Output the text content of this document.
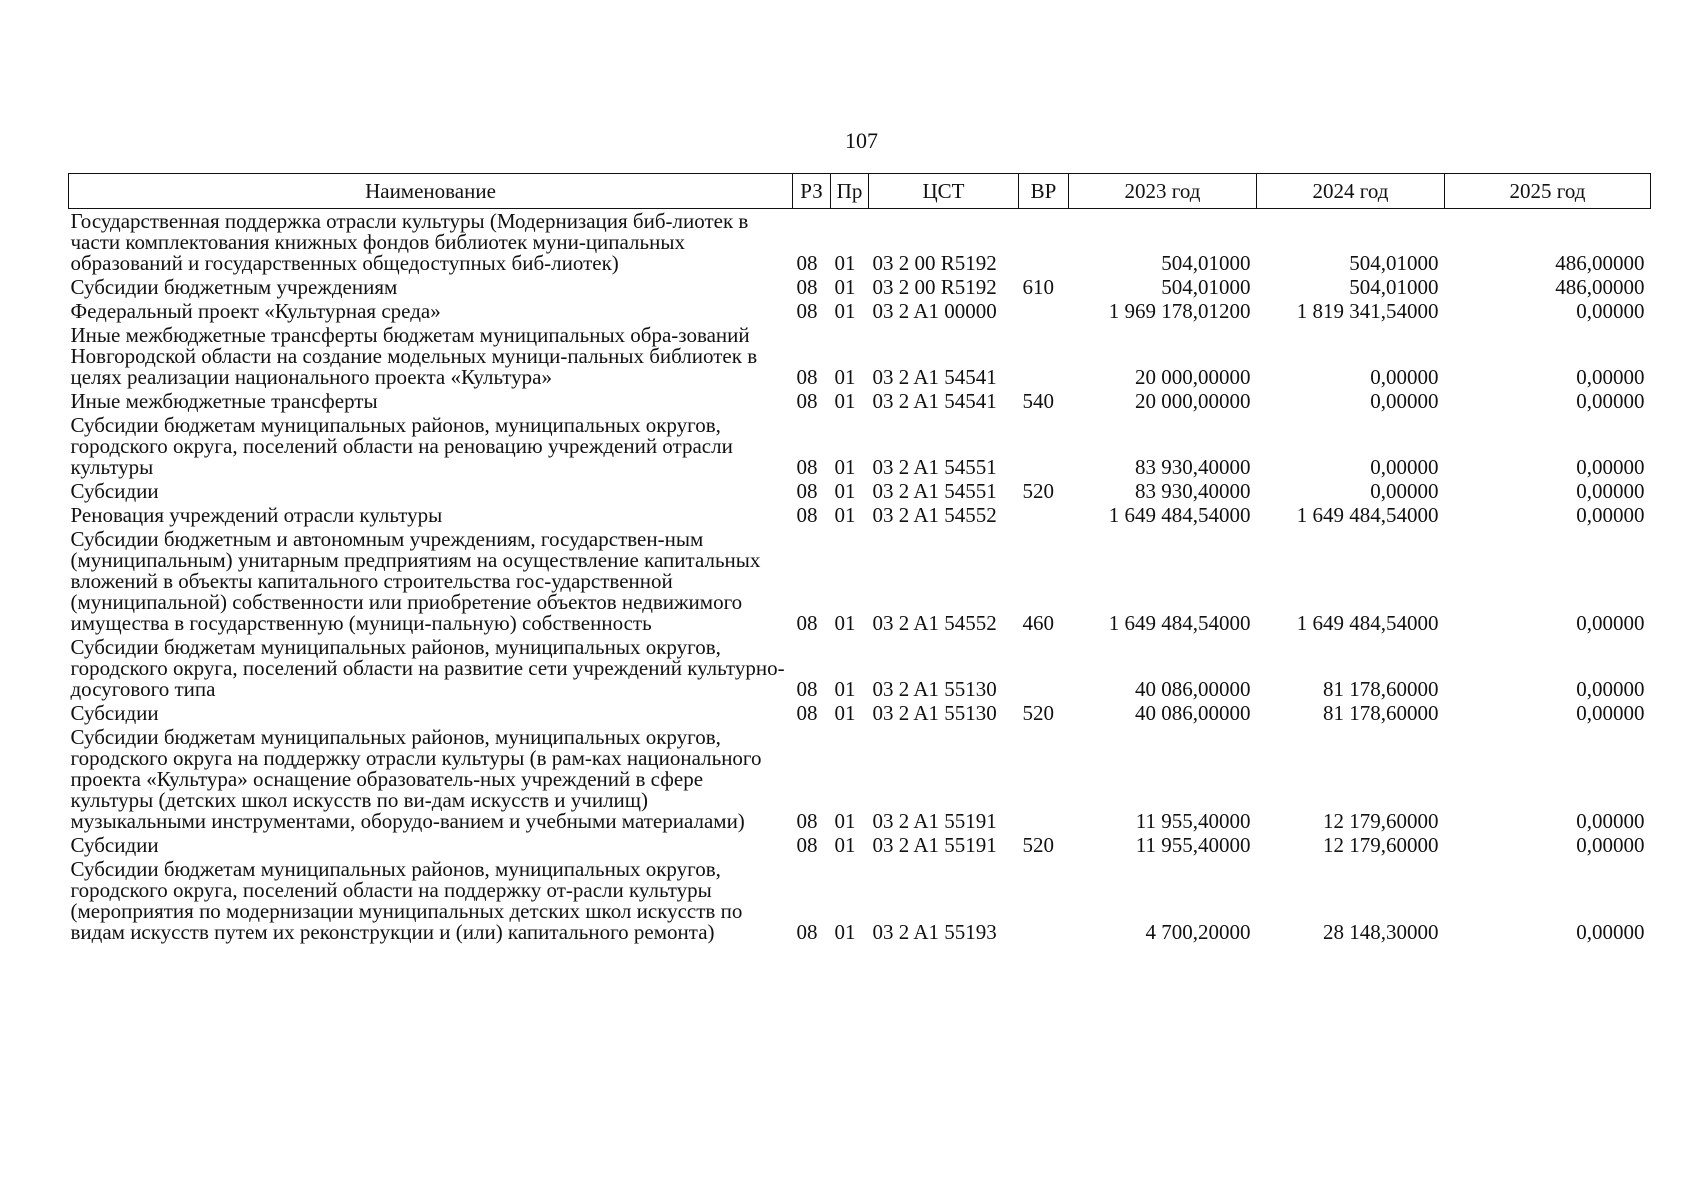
107
Наименование	РЗ	Пр	ЦСТ	ВР	2023 год	2024 год	2025 год
Государственная поддержка отрасли культуры (Модернизация биб-лиотек в части комплектования книжных фондов библиотек муни-ципальных образований и государственных общедоступных биб-лиотек)	08	01	03 2 00 R5192		504,01000	504,01000	486,00000
Субсидии бюджетным учреждениям	08	01	03 2 00 R5192	610	504,01000	504,01000	486,00000
Федеральный проект «Культурная среда»	08	01	03 2 A1 00000		1 969 178,01200	1 819 341,54000	0,00000
Иные межбюджетные трансферты бюджетам муниципальных обра-зований Новгородской области на создание модельных муници-пальных библиотек в целях реализации национального проекта «Культура»	08	01	03 2 A1 54541		20 000,00000	0,00000	0,00000
Иные межбюджетные трансферты	08	01	03 2 A1 54541	540	20 000,00000	0,00000	0,00000
Субсидии бюджетам муниципальных районов, муниципальных округов, городского округа, поселений области на реновацию учреждений отрасли культуры	08	01	03 2 A1 54551		83 930,40000	0,00000	0,00000
Субсидии	08	01	03 2 A1 54551	520	83 930,40000	0,00000	0,00000
Реновация учреждений отрасли культуры	08	01	03 2 A1 54552		1 649 484,54000	1 649 484,54000	0,00000
Субсидии бюджетным и автономным учреждениям, государствен-ным (муниципальным) унитарным предприятиям на осуществление капитальных вложений в объекты капитального строительства гос-ударственной (муниципальной) собственности или приобретение объектов недвижимого имущества в государственную (муници-пальную) собственность	08	01	03 2 A1 54552	460	1 649 484,54000	1 649 484,54000	0,00000
Субсидии бюджетам муниципальных районов, муниципальных округов, городского округа, поселений области на развитие сети учреждений культурно-досугового типа	08	01	03 2 A1 55130		40 086,00000	81 178,60000	0,00000
Субсидии	08	01	03 2 A1 55130	520	40 086,00000	81 178,60000	0,00000
Субсидии бюджетам муниципальных районов, муниципальных округов, городского округа на поддержку отрасли культуры (в рам-ках национального проекта «Культура» оснащение образователь-ных учреждений в сфере культуры (детских школ искусств по ви-дам искусств и училищ) музыкальными инструментами, оборудо-ванием и учебными материалами)	08	01	03 2 A1 55191		11 955,40000	12 179,60000	0,00000
Субсидии	08	01	03 2 A1 55191	520	11 955,40000	12 179,60000	0,00000
Субсидии бюджетам муниципальных районов, муниципальных округов, городского округа, поселений области на поддержку от-расли культуры (мероприятия по модернизации муниципальных детских школ искусств по видам искусств путем их реконструкции и (или) капитального ремонта)	08	01	03 2 A1 55193		4 700,20000	28 148,30000	0,00000
